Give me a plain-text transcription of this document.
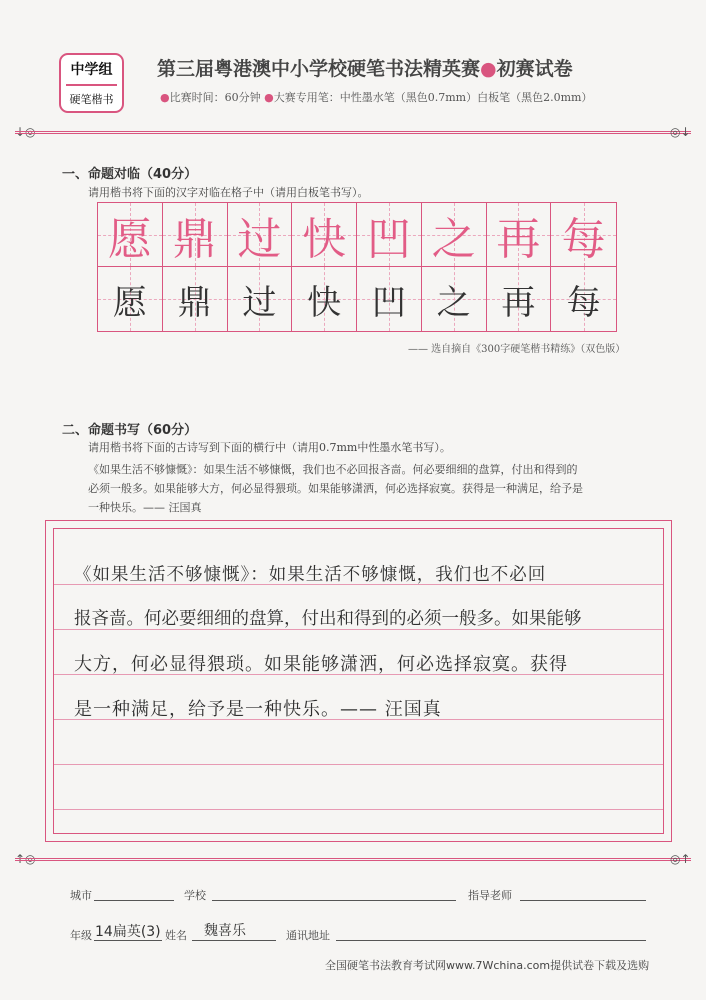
中学组
硬笔楷书
第三届粤港澳中小学校硬笔书法精英赛●初赛试卷
●比赛时间：60分钟 ●大赛专用笔：中性墨水笔（黑色0.7mm）白板笔（黑色2.0mm）
↓◎	◎↓
一、命题对临（40分）
请用楷书将下面的汉字对临在格子中（请用白板笔书写）。
愿 鼎 过 快 凹 之 再 每
愿 鼎 过 快 凹 之 再 每
—— 选自摘自《300字硬笔楷书精练》（双色版）
二、命题书写（60分）
请用楷书将下面的古诗写到下面的横行中（请用0.7mm中性墨水笔书写）。
《如果生活不够慷慨》：如果生活不够慷慨，我们也不必回报吝啬。何必要细细的盘算，付出和得到的
必须一般多。如果能够大方，何必显得猥琐。如果能够潇洒，何必选择寂寞。获得是一种满足，给予是
一种快乐。—— 汪国真
《如果生活不够慷慨》：如果生活不够慷慨，我们也不必回
报吝啬。何必要细细的盘算，付出和得到的必须一般多。如果能够
大方，何必显得猥琐。如果能够潇洒，何必选择寂寞。获得
是一种满足，给予是一种快乐。—— 汪国真
↑◎	◎↑
城市	学校	指导老师
年级 14扁英(3) 姓名 魏喜乐	通讯地址
全国硬笔书法教育考试网www.7Wchina.com提供试卷下载及选购
